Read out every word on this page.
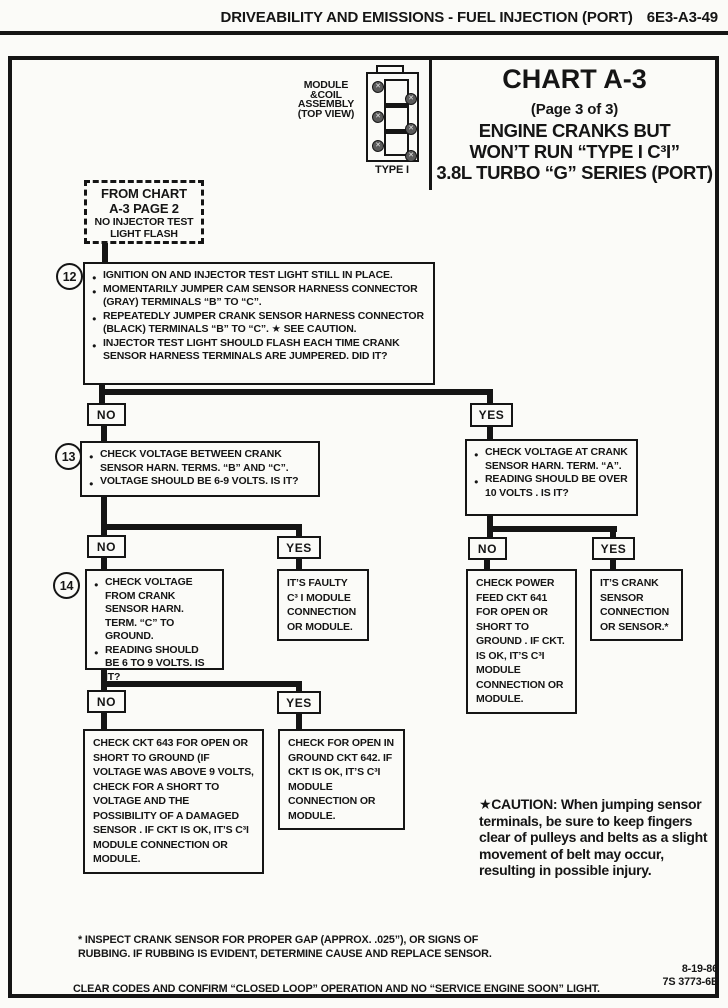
DRIVEABILITY AND EMISSIONS - FUEL INJECTION (PORT) 6E3-A3-49
MODULE
&COIL
ASSEMBLY
(TOP VIEW)
✕
✕
✕
✕
✕
✕
TYPE I
CHART A-3
(Page 3 of 3)
ENGINE CRANKS BUT
WON’T RUN “TYPE I C³I”
3.8L TURBO “G” SERIES (PORT)
FROM CHART
A-3 PAGE 2
NO INJECTOR TEST
LIGHT FLASH
12	● IGNITION ON AND INJECTOR TEST LIGHT STILL IN PLACE.
● MOMENTARILY JUMPER CAM SENSOR HARNESS CONNECTOR (GRAY) TERMINALS “B” TO “C”.
● REPEATEDLY JUMPER CRANK SENSOR HARNESS CONNECTOR (BLACK) TERMINALS “B” TO “C”. ★ SEE CAUTION.
● INJECTOR TEST LIGHT SHOULD FLASH EACH TIME CRANK SENSOR HARNESS TERMINALS ARE JUMPERED. DID IT?
NO	YES
13	● CHECK VOLTAGE BETWEEN CRANK SENSOR HARN. TERMS. “B” AND “C”.
● VOLTAGE SHOULD BE 6-9 VOLTS. IS IT?
● CHECK VOLTAGE AT CRANK SENSOR HARN. TERM. “A”.
● READING SHOULD BE OVER 10 VOLTS . IS IT?
NO	YES	NO	YES
14	● CHECK VOLTAGE FROM CRANK SENSOR HARN. TERM. “C” TO GROUND.
● READING SHOULD BE 6 TO 9 VOLTS. IS IT?
IT’S FAULTY C³ I MODULE CONNECTION OR MODULE.
CHECK POWER FEED CKT 641 FOR OPEN OR SHORT TO GROUND . IF CKT. IS OK, IT’S C³I MODULE CONNECTION OR MODULE.
IT’S CRANK SENSOR CONNECTION OR SENSOR.*
NO	YES
CHECK CKT 643 FOR OPEN OR SHORT TO GROUND (IF VOLTAGE WAS ABOVE 9 VOLTS, CHECK FOR A SHORT TO VOLTAGE AND THE POSSIBILITY OF A DAMAGED SENSOR . IF CKT IS OK, IT’S C³I MODULE CONNECTION OR MODULE.
CHECK FOR OPEN IN GROUND CKT 642. IF CKT IS OK, IT’S C³I MODULE CONNECTION OR MODULE.
★CAUTION: When jumping sensor terminals, be sure to keep fingers clear of pulleys and belts as a slight movement of belt may occur, resulting in possible injury.
* INSPECT CRANK SENSOR FOR PROPER GAP (APPROX. .025”), OR SIGNS OF RUBBING. IF RUBBING IS EVIDENT, DETERMINE CAUSE AND REPLACE SENSOR.
8-19-86
7S 3773-6E
CLEAR CODES AND CONFIRM “CLOSED LOOP” OPERATION AND NO “SERVICE ENGINE SOON” LIGHT.
